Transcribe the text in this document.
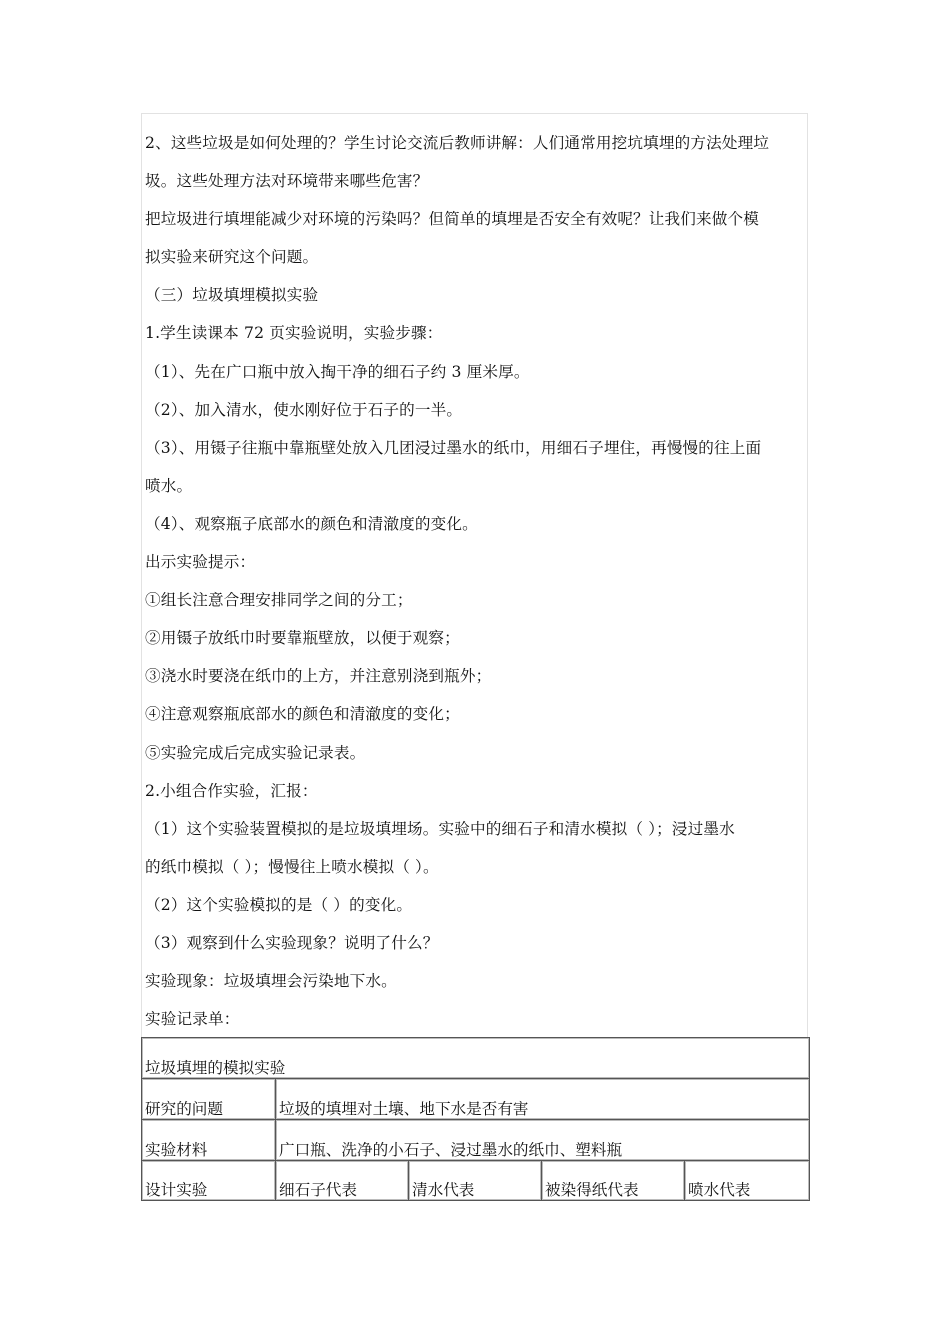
2、这些垃圾是如何处理的？学生讨论交流后教师讲解：人们通常用挖坑填埋的方法处理垃
圾。这些处理方法对环境带来哪些危害？
把垃圾进行填埋能减少对环境的污染吗？但简单的填埋是否安全有效呢？让我们来做个模
拟实验来研究这个问题。
（三）垃圾填埋模拟实验
1.学生读课本 72 页实验说明，实验步骤：
（1）、先在广口瓶中放入掏干净的细石子约 3 厘米厚。
（2）、加入清水，使水刚好位于石子的一半。
（3）、用镊子往瓶中靠瓶壁处放入几团浸过墨水的纸巾，用细石子埋住，再慢慢的往上面
喷水。
（4）、观察瓶子底部水的颜色和清澈度的变化。
出示实验提示：
①组长注意合理安排同学之间的分工；
②用镊子放纸巾时要靠瓶壁放，以便于观察；
③浇水时要浇在纸巾的上方，并注意别浇到瓶外；
④注意观察瓶底部水的颜色和清澈度的变化；
⑤实验完成后完成实验记录表。
2.小组合作实验，汇报：
（1）这个实验装置模拟的是垃圾填埋场。实验中的细石子和清水模拟（ ）；浸过墨水
的纸巾模拟（ ）；慢慢往上喷水模拟（ ）。
（2）这个实验模拟的是（ ）的变化。
（3）观察到什么实验现象？说明了什么？
实验现象：垃圾填埋会污染地下水。
实验记录单：
垃圾填埋的模拟实验				
研究的问题	垃圾的填埋对土壤、地下水是否有害			
实验材料	广口瓶、洗净的小石子、浸过墨水的纸巾、塑料瓶			
设计实验	细石子代表	清水代表	被染得纸代表	喷水代表
